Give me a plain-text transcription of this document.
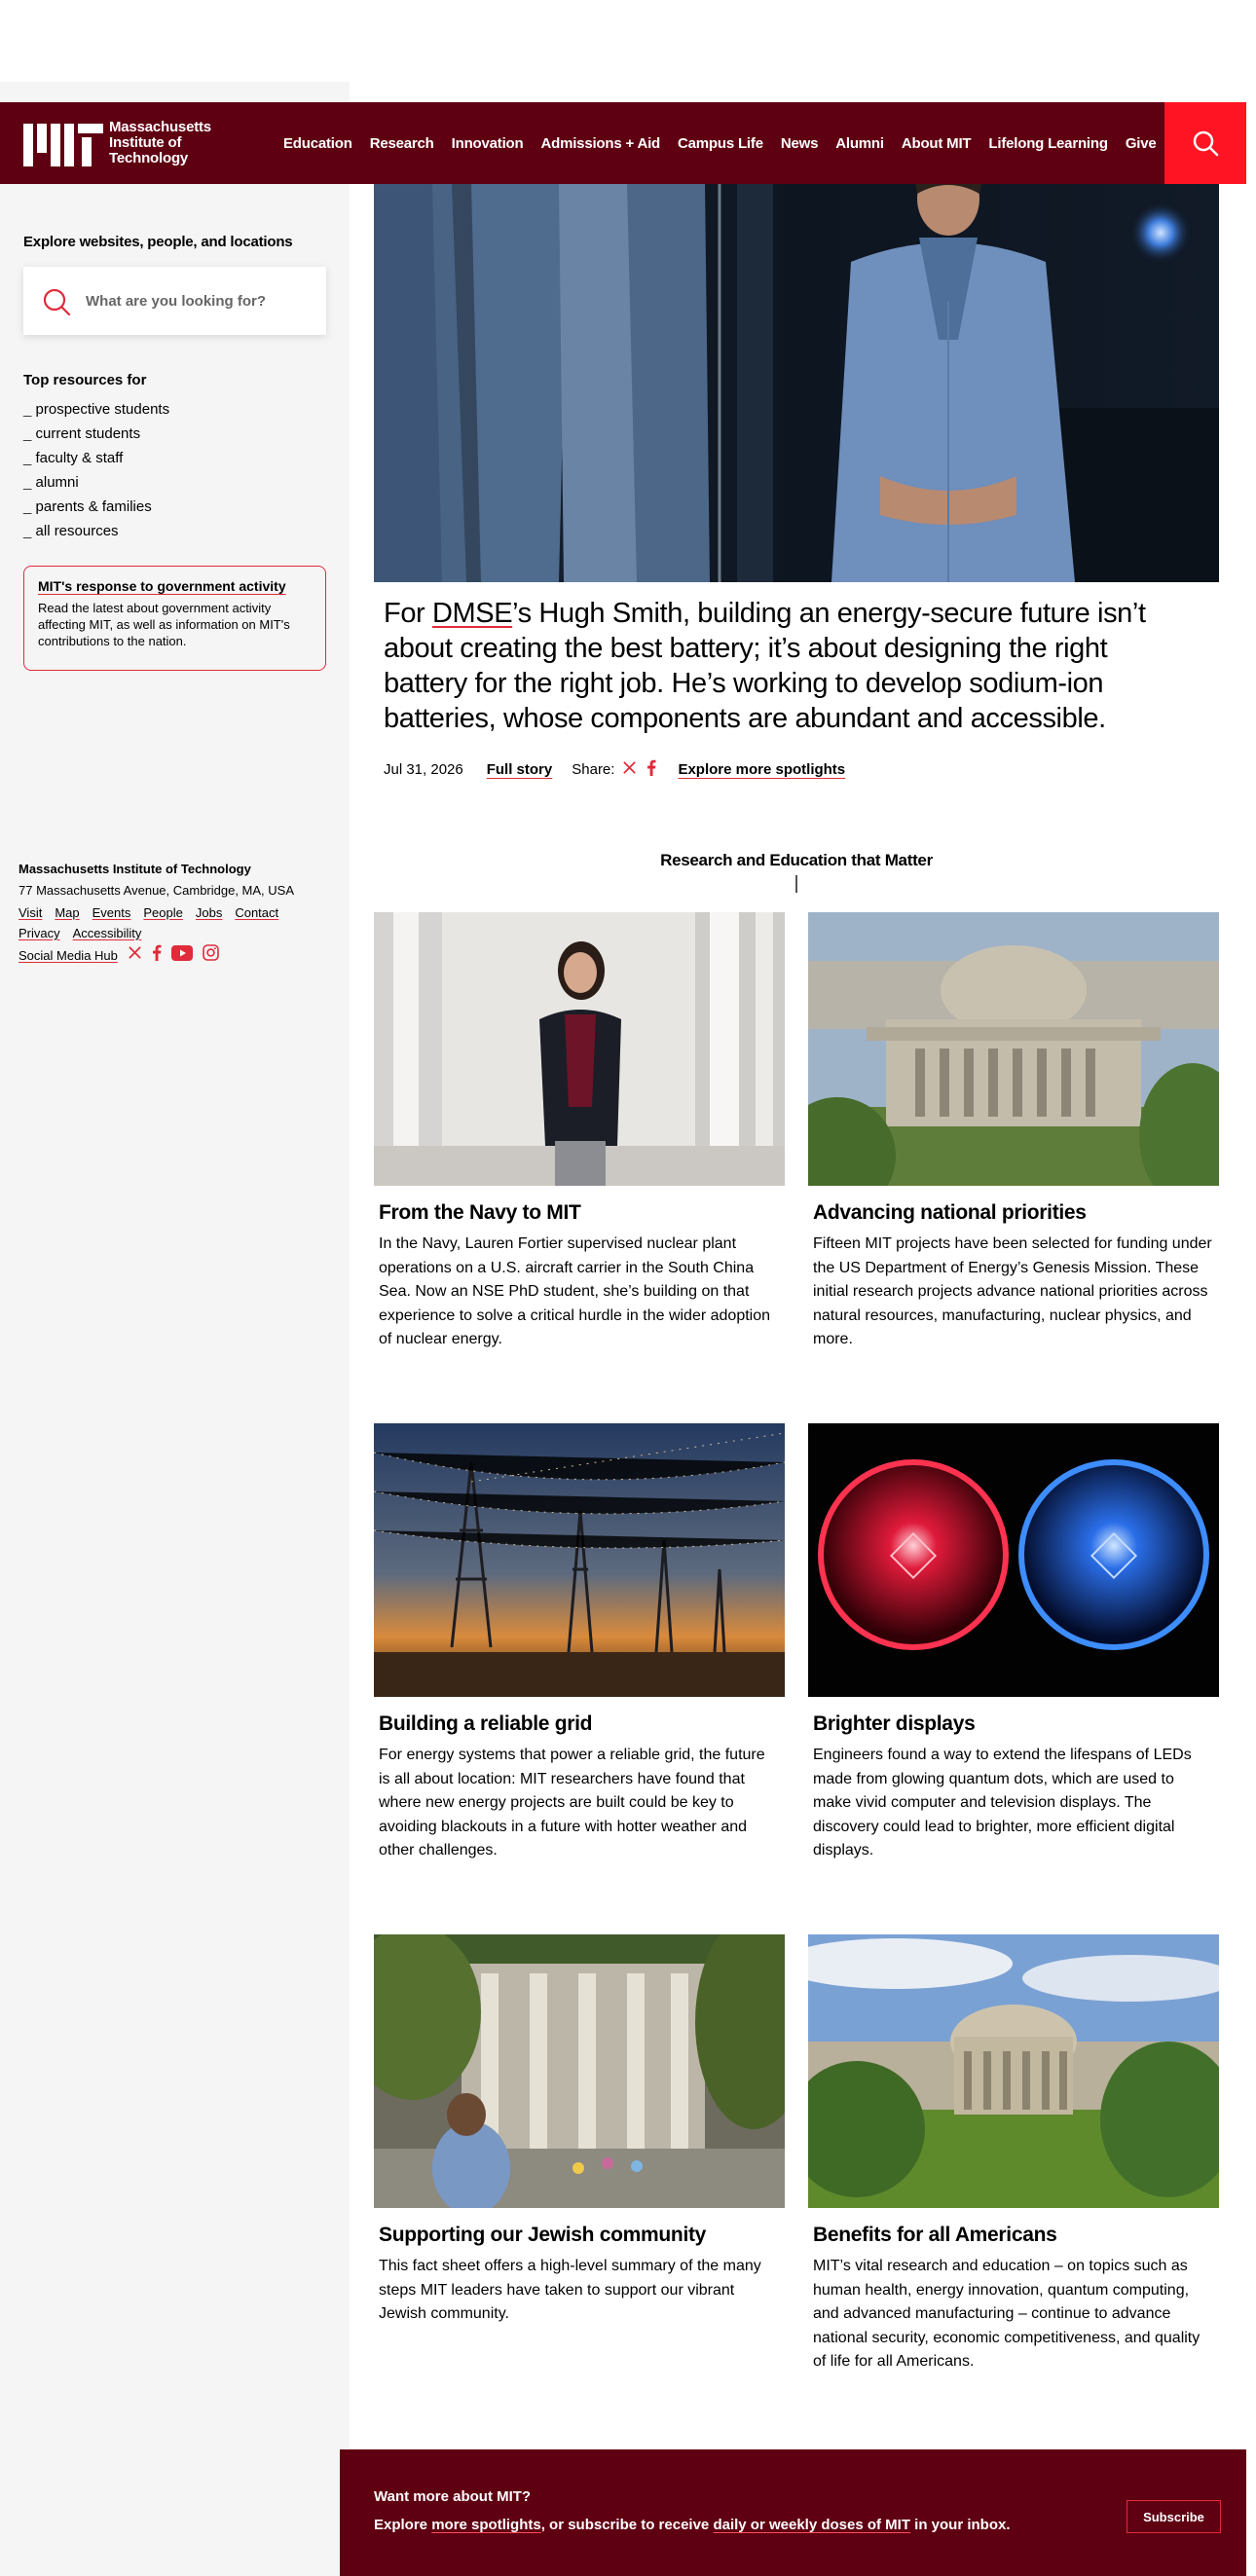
Massachusetts
Institute of
Technology
Education	Research	Innovation	Admissions + Aid	Campus Life	News	Alumni	About MIT	Lifelong Learning	Give
Explore websites, people, and locations
What are you looking for?
Top resources for
_ prospective students
_ current students
_ faculty & staff
_ alumni
_ parents & families
_ all resources
MIT's response to government activity
Read the latest about government activity affecting MIT, as well as information on MIT's contributions to the nation.
Massachusetts Institute of Technology
77 Massachusetts Avenue, Cambridge, MA, USA
Visit Map Events People Jobs Contact
Privacy Accessibility
Social Media Hub
For DMSE’s Hugh Smith, building an energy-secure future isn’t about creating the best battery; it’s about designing the right battery for the right job. He’s working to develop sodium-ion batteries, whose components are abundant and accessible.
Jul 31, 2026 Full story Share:	Explore more spotlights
Research and Education that Matter
From the Navy to MIT

In the Navy, Lauren Fortier supervised nuclear plant operations on a U.S. aircraft carrier in the South China Sea. Now an NSE PhD student, she’s building on that experience to solve a critical hurdle in the wider adoption of nuclear energy.

Advancing national priorities

Fifteen MIT projects have been selected for funding under the US Department of Energy’s Genesis Mission. These initial research projects advance national priorities across natural resources, manufacturing, nuclear physics, and more.

Building a reliable grid

For energy systems that power a reliable grid, the future is all about location: MIT researchers have found that where new energy projects are built could be key to avoiding blackouts in a future with hotter weather and other challenges.

Brighter displays

Engineers found a way to extend the lifespans of LEDs made from glowing quantum dots, which are used to make vivid computer and television displays. The discovery could lead to brighter, more efficient digital displays.

Supporting our Jewish community

This fact sheet offers a high-level summary of the many steps MIT leaders have taken to support our vibrant Jewish community.

Benefits for all Americans

MIT’s vital research and education – on topics such as human health, energy innovation, quantum computing, and advanced manufacturing – continue to advance national security, economic competitiveness, and quality of life for all Americans.

Want more about MIT?
Explore more spotlights, or subscribe to receive daily or weekly doses of MIT in your inbox.	Subscribe
